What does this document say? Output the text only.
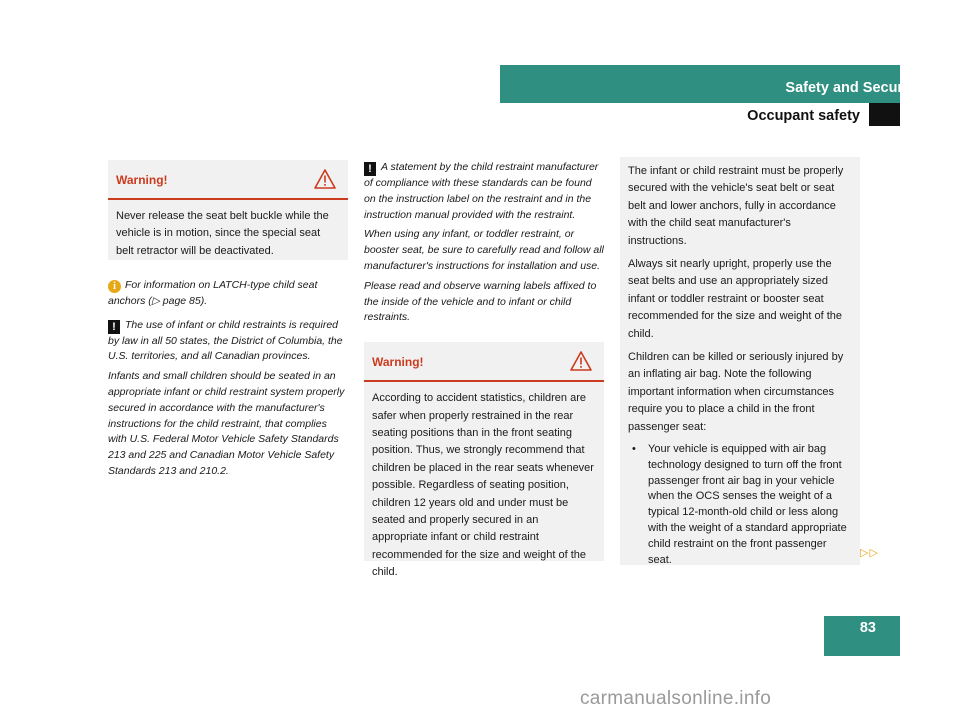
Safety and Security
Occupant safety
Warning!
Never release the seat belt buckle while the vehicle is in motion, since the special seat belt retractor will be deactivated.

i For information on LATCH-type child seat anchors (▷ page 85).

! The use of infant or child restraints is required by law in all 50 states, the District of Columbia, the U.S. territories, and all Canadian provinces.

Infants and small children should be seated in an appropriate infant or child restraint system properly secured in accordance with the manufacturer's instructions for the child restraint, that complies with U.S. Federal Motor Vehicle Safety Standards 213 and 225 and Canadian Motor Vehicle Safety Standards 213 and 210.2.

! A statement by the child restraint manufacturer of compliance with these standards can be found on the instruction label on the restraint and in the instruction manual provided with the restraint.

When using any infant, or toddler restraint, or booster seat, be sure to carefully read and follow all manufacturer's instructions for installation and use.

Please read and observe warning labels affixed to the inside of the vehicle and to infant or child restraints.

Warning!
According to accident statistics, children are safer when properly restrained in the rear seating positions than in the front seating position. Thus, we strongly recommend that children be placed in the rear seats whenever possible. Regardless of seating position, children 12 years old and under must be seated and properly secured in an appropriate infant or child restraint recommended for the size and weight of the child.

The infant or child restraint must be properly secured with the vehicle's seat belt or seat belt and lower anchors, fully in accordance with the child seat manufacturer's instructions.

Always sit nearly upright, properly use the seat belts and use an appropriately sized infant or toddler restraint or booster seat recommended for the size and weight of the child.

Children can be killed or seriously injured by an inflating air bag. Note the following important information when circumstances require you to place a child in the front passenger seat:

• Your vehicle is equipped with air bag technology designed to turn off the front passenger front air bag in your vehicle when the OCS senses the weight of a typical 12-month-old child or less along with the weight of a standard appropriate child restraint on the front passenger seat.
▷▷
83
carmanualsonline.info
